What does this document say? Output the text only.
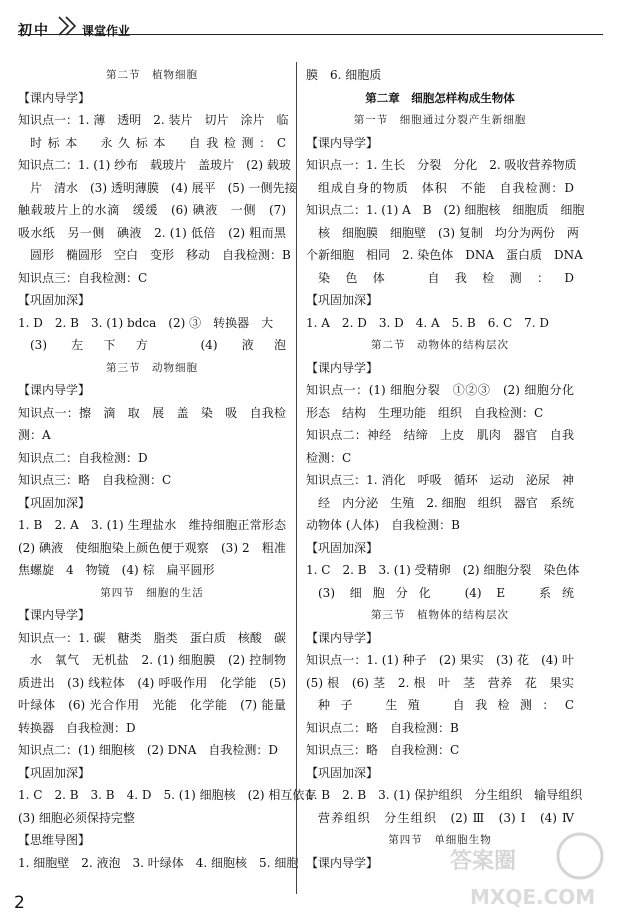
初中	课堂作业
第二节　植物细胞
【课内导学】
知识点一：1. 薄　透明　2. 装片　切片　涂片　临
时标本　永久标本　自我检测：C
知识点二：1. (1) 纱布　载玻片　盖玻片　(2) 载玻
片　清水　(3) 透明薄膜　(4) 展平　(5) 一侧先接
触载玻片上的水滴　缓缓　(6) 碘液　一侧　(7)
吸水纸　另一侧　碘液　2. (1) 低倍　(2) 粗而黑
圆形　椭圆形　空白　变形　移动　自我检测：B
知识点三：自我检测：C
【巩固加深】
1. D　2. B　3. (1) bdca　(2) ③　转换器　大
(3) 左下方　(4) 液泡
第三节　动物细胞
【课内导学】
知识点一：擦　滴　取　展　盖　染　吸　自我检
测：A
知识点二：自我检测：D
知识点三：略　自我检测：C
【巩固加深】
1. B　2. A　3. (1) 生理盐水　维持细胞正常形态
(2) 碘液　使细胞染上颜色便于观察　(3) 2　粗准
焦螺旋　4　物镜　(4) 棕　扁平圆形
第四节　细胞的生活
【课内导学】
知识点一：1. 碳　糖类　脂类　蛋白质　核酸　碳
水　氧气　无机盐　2. (1) 细胞膜　(2) 控制物
质进出　(3) 线粒体　(4) 呼吸作用　化学能　(5)
叶绿体　(6) 光合作用　光能　化学能　(7) 能量
转换器　自我检测：D
知识点二：(1) 细胞核　(2) DNA　自我检测：D
【巩固加深】
1. C　2. B　3. B　4. D　5. (1) 细胞核　(2) 相互依存
(3) 细胞必须保持完整
【思维导图】
1. 细胞壁　2. 液泡　3. 叶绿体　4. 细胞核　5. 细胞
膜　6. 细胞质
第二章　细胞怎样构成生物体
第一节　细胞通过分裂产生新细胞
【课内导学】
知识点一：1. 生长　分裂　分化　2. 吸收营养物质
组成自身的物质　体积　不能　自我检测：D
知识点二：1. (1) A　B　(2) 细胞核　细胞质　细胞
核　细胞膜　细胞壁　(3) 复制　均分为两份　两
个新细胞　相同　2. 染色体　DNA　蛋白质　DNA
染色体　自我检测：D
【巩固加深】
1. A　2. D　3. D　4. A　5. B　6. C　7. D
第二节　动物体的结构层次
【课内导学】
知识点一：(1) 细胞分裂　①②③　(2) 细胞分化
形态　结构　生理功能　组织　自我检测：C
知识点二：神经　结缔　上皮　肌肉　器官　自我
检测：C
知识点三：1. 消化　呼吸　循环　运动　泌尿　神
经　内分泌　生殖　2. 细胞　组织　器官　系统
动物体 (人体)　自我检测：B
【巩固加深】
1. C　2. B　3. (1) 受精卵　(2) 细胞分裂　染色体
(3) 细胞分化　(4) E　系统
第三节　植物体的结构层次
【课内导学】
知识点一：1. (1) 种子　(2) 果实　(3) 花　(4) 叶
(5) 根　(6) 茎　2. 根　叶　茎　营养　花　果实
种子　生殖　自我检测：C
知识点二：略　自我检测：B
知识点三：略　自我检测：C
【巩固加深】
1. B　2. B　3. (1) 保护组织　分生组织　输导组织
营养组织　分生组织　(2) Ⅲ　(3) Ⅰ　(4) Ⅳ
第四节　单细胞生物
【课内导学】
2
答案圈
MXQE.COM
